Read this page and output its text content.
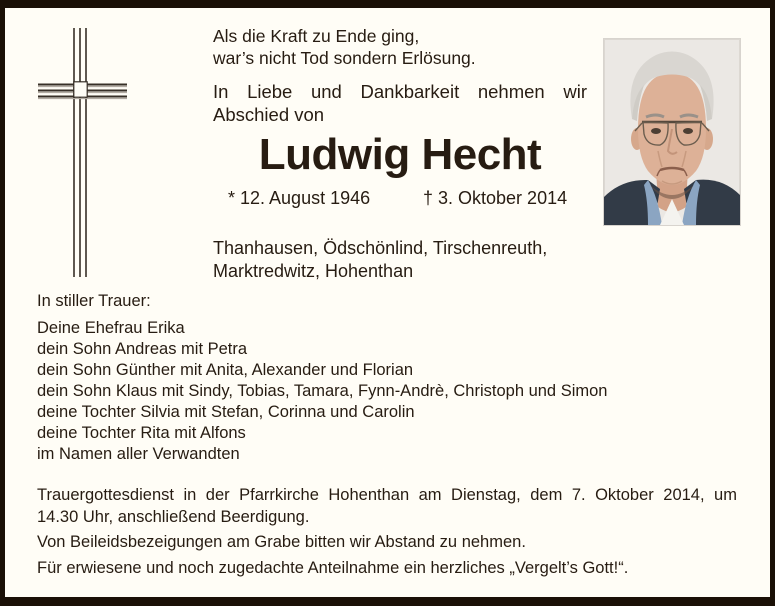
Als die Kraft zu Ende ging,
war’s nicht Tod sondern Erlösung.
In Liebe und Dankbarkeit nehmen wir
Abschied von
Ludwig Hecht
* 12. August 1946	† 3. Oktober 2014
Thanhausen, Ödschönlind, Tirschenreuth,
Marktredwitz, Hohenthan
In stiller Trauer:
Deine Ehefrau Erika
dein Sohn Andreas mit Petra
dein Sohn Günther mit Anita, Alexander und Florian
dein Sohn Klaus mit Sindy, Tobias, Tamara, Fynn-Andrè, Christoph und Simon
deine Tochter Silvia mit Stefan, Corinna und Carolin
deine Tochter Rita mit Alfons
im Namen aller Verwandten
Trauergottesdienst in der Pfarrkirche Hohenthan am Dienstag, dem 7. Oktober 2014, um
14.30 Uhr, anschließend Beerdigung.
Von Beileidsbezeigungen am Grabe bitten wir Abstand zu nehmen.
Für erwiesene und noch zugedachte Anteilnahme ein herzliches „Vergelt’s Gott!“.
